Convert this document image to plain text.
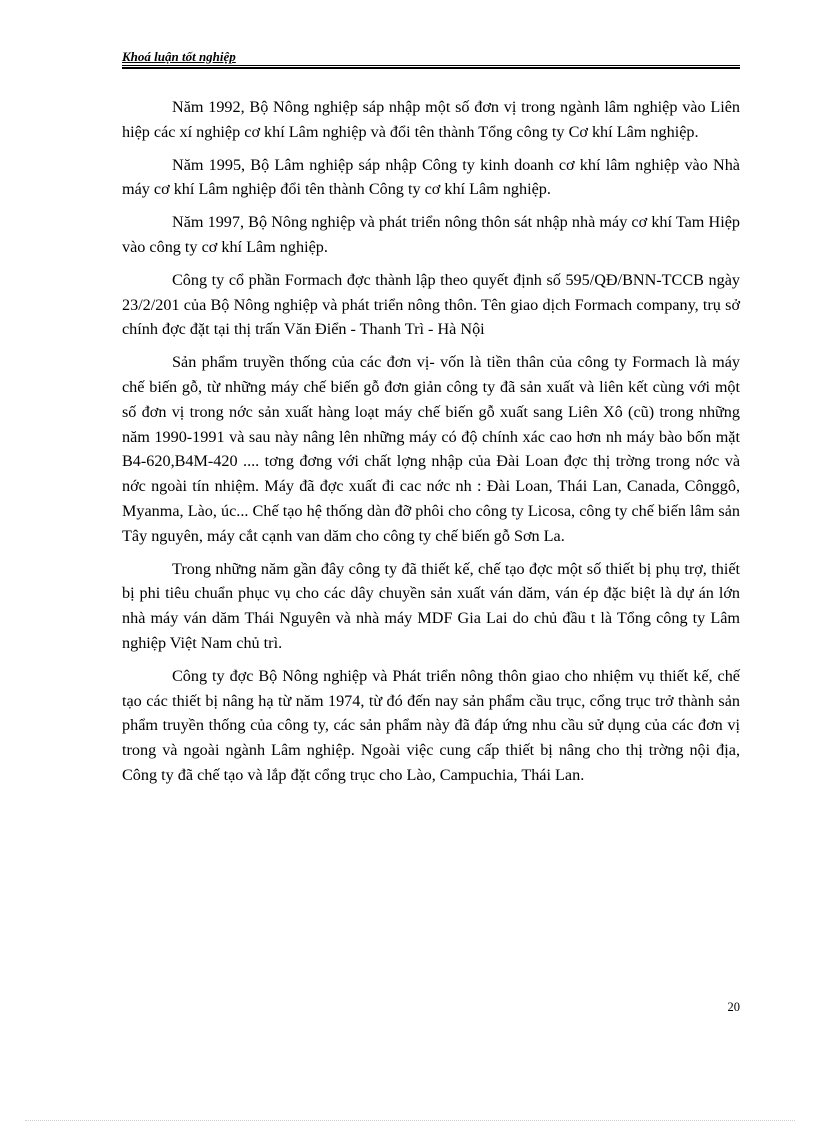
Khoá luận tốt nghiệp

Năm 1992, Bộ Nông nghiệp sáp nhập một số đơn vị trong ngành lâm nghiệp vào Liên hiệp các xí nghiệp cơ khí Lâm nghiệp và đổi tên thành Tổng công ty Cơ khí Lâm nghiệp.

Năm 1995, Bộ Lâm nghiệp sáp nhập Công ty kinh doanh cơ khí lâm nghiệp vào Nhà máy cơ khí Lâm nghiệp đổi tên thành Công ty cơ khí Lâm nghiệp.

Năm 1997, Bộ Nông nghiệp và phát triển nông thôn sát nhập nhà máy cơ khí Tam Hiệp vào công ty cơ khí Lâm nghiệp.

Công ty cổ phần Formach đợc thành lập theo quyết định số 595/QĐ/BNN-TCCB ngày 23/2/201 của Bộ Nông nghiệp và phát triển nông thôn. Tên giao dịch Formach company, trụ sở chính đợc đặt tại thị trấn Văn Điển - Thanh Trì - Hà Nội

Sản phẩm truyền thống của các đơn vị- vốn là tiền thân của công ty Formach là máy chế biến gỗ, từ những máy chế biến gỗ đơn giản công ty đã sản xuất và liên kết cùng với một số đơn vị trong nớc sản xuất hàng loạt máy chế biến gỗ xuất sang Liên Xô (cũ) trong những năm 1990-1991 và sau này nâng lên những máy có độ chính xác cao hơn nh máy bào bốn mặt B4-620,B4M-420 .... tơng đơng với chất lợng nhập của Đài Loan đợc thị trờng trong nớc và nớc ngoài tín nhiệm. Máy đã đợc xuất đi cac nớc nh : Đài Loan, Thái Lan, Canada, Cônggô, Myanma, Lào, úc... Chế tạo hệ thống dàn đỡ phôi cho công ty Licosa, công ty chế biến lâm sản Tây nguyên, máy cắt cạnh van dăm cho công ty chế biến gỗ Sơn La.

Trong những năm gần đây công ty đã thiết kế, chế tạo đợc một số thiết bị phụ trợ, thiết bị phi tiêu chuẩn phục vụ cho các dây chuyền sản xuất ván dăm, ván ép đặc biệt là dự án lớn nhà máy ván dăm Thái Nguyên và nhà máy MDF Gia Lai do chủ đầu t là Tổng công ty Lâm nghiệp Việt Nam chủ trì.

Công ty đợc Bộ Nông nghiệp và Phát triển nông thôn giao cho nhiệm vụ thiết kế, chế tạo các thiết bị nâng hạ từ năm 1974, từ đó đến nay sản phẩm cầu trục, cổng trục trở thành sản phẩm truyền thống của công ty, các sản phẩm này đã đáp ứng nhu cầu sử dụng của các đơn vị trong và ngoài ngành Lâm nghiệp. Ngoài việc cung cấp thiết bị nâng cho thị trờng nội địa, Công ty đã chế tạo và lắp đặt cổng trục cho Lào, Campuchia, Thái Lan.

20
